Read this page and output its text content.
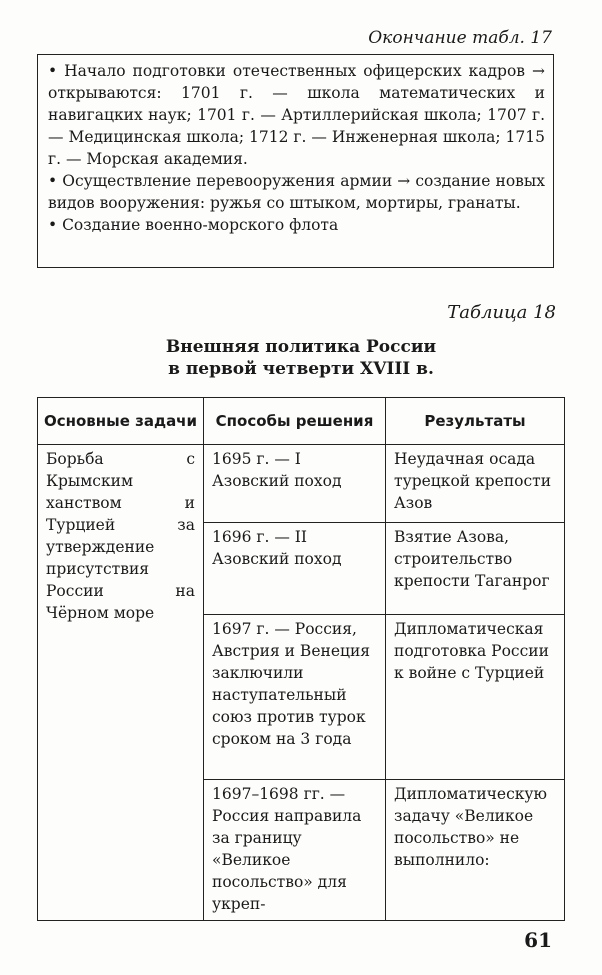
Окончание табл. 17

• Начало подготовки отечественных офицерских кадров → открываются: 1701 г. — школа математических и навигацких наук; 1701 г. — Артиллерийская школа; 1707 г. — Медицинская школа; 1712 г. — Инженерная школа; 1715 г. — Морская академия.

• Осуществление перевооружения армии → создание новых видов вооружения: ружья со штыком, мортиры, гранаты.

• Создание военно-морского флота

Таблица 18
Внешняя политика России
в первой четверти XVIII в.
Основные задачи	Способы решения	Результаты
Борьба с Крымским ханством и Турцией за утверждение присутствия России на Чёрном море	1695 г. — I Азовский поход	Неудачная осада турецкой крепости Азов
	1696 г. — II Азовский поход	Взятие Азова, строительство крепости Таганрог
	1697 г. — Россия, Австрия и Венеция заключили наступательный союз против турок сроком на 3 года	Дипломатическая подготовка России к войне с Турцией
	1697–1698 гг. — Россия направила за границу «Великое посольство» для укреп-	Дипломатическую задачу «Великое посольство» не выполнило:
61
